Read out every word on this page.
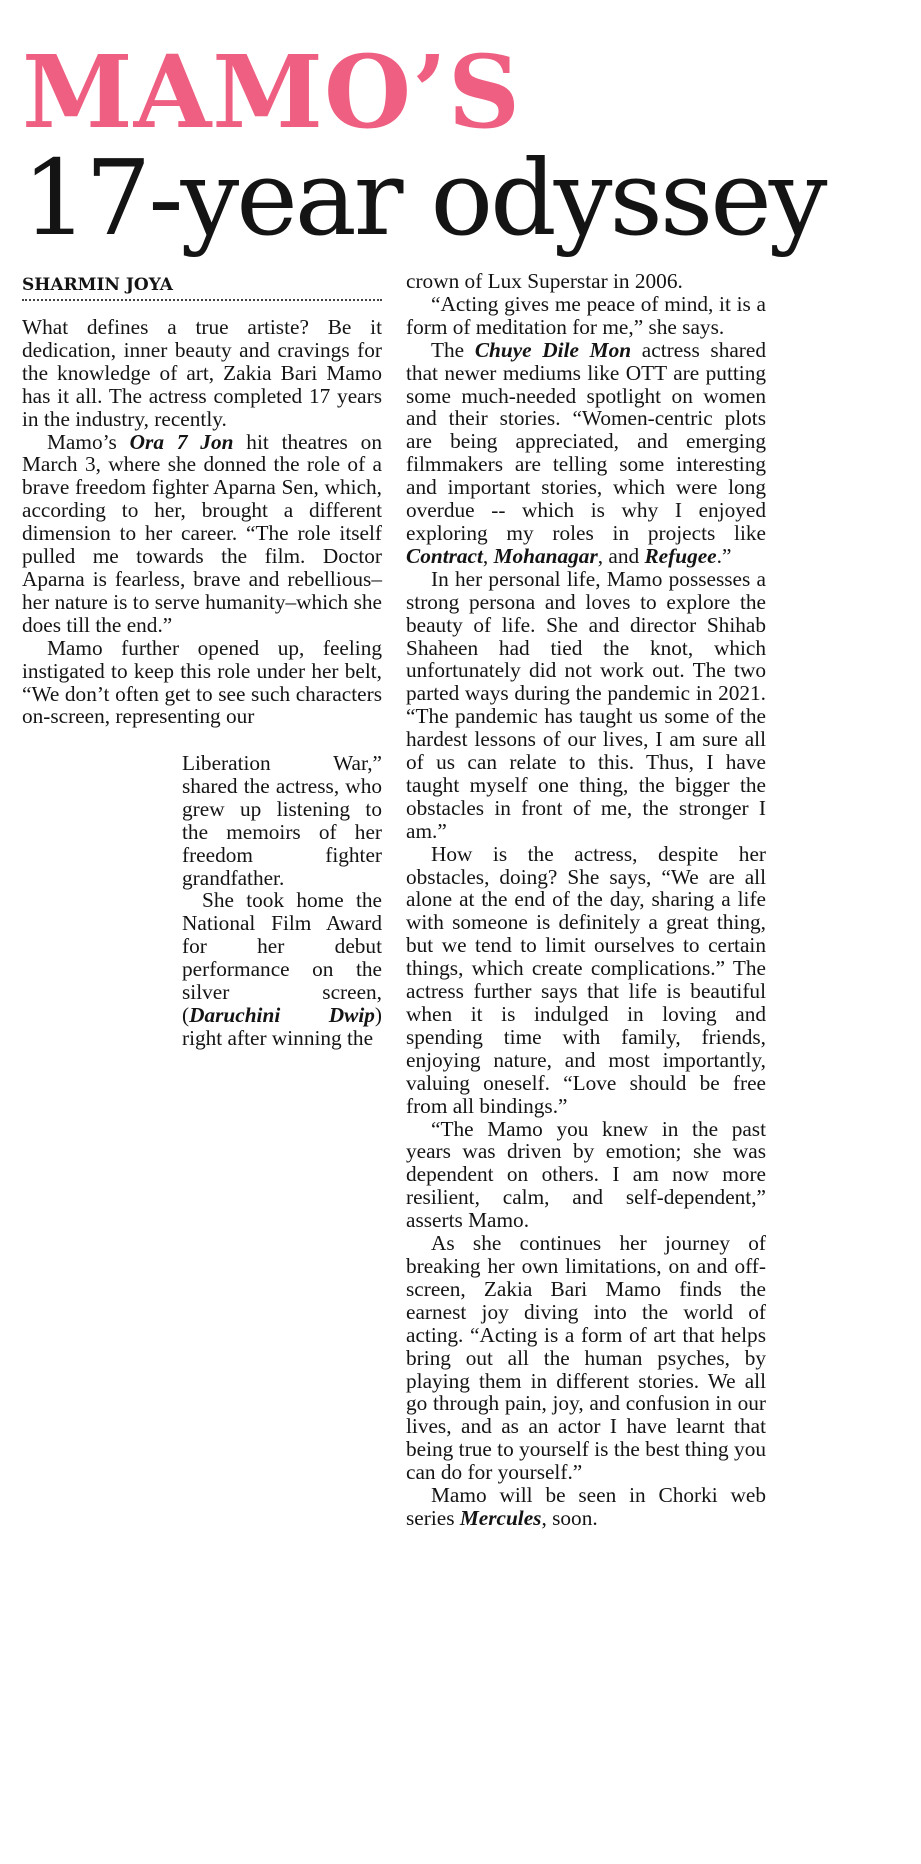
MAMO’S
17-year odyssey
SHARMIN JOYA

What defines a true artiste? Be it dedication, inner beauty and cravings for the knowledge of art, Zakia Bari Mamo has it all. The actress completed 17 years in the industry, recently.

Mamo’s Ora 7 Jon hit theatres on March 3, where she donned the role of a brave freedom fighter Aparna Sen, which, according to her, brought a different dimension to her career. “The role itself pulled me towards the film. Doctor Aparna is fearless, brave and rebellious–her nature is to serve humanity–which she does till the end.”

Mamo further opened up, feeling instigated to keep this role under her belt, “We don’t often get to see such characters on-screen, representing our

Liberation War,” shared the actress, who grew up listening to the memoirs of her freedom fighter grandfather.

She took home the National Film Award for her debut performance on the silver screen, (Daruchini Dwip) right after winning the

crown of Lux Superstar in 2006.

“Acting gives me peace of mind, it is a form of meditation for me,” she says.

The Chuye Dile Mon actress shared that newer mediums like OTT are putting some much-needed spotlight on women and their stories. “Women-centric plots are being appreciated, and emerging filmmakers are telling some interesting and important stories, which were long overdue -- which is why I enjoyed exploring my roles in projects like Contract, Mohanagar, and Refugee.”

In her personal life, Mamo possesses a strong persona and loves to explore the beauty of life. She and director Shihab Shaheen had tied the knot, which unfortunately did not work out. The two parted ways during the pandemic in 2021. “The pandemic has taught us some of the hardest lessons of our lives, I am sure all of us can relate to this. Thus, I have taught myself one thing, the bigger the obstacles in front of me, the stronger I am.”

How is the actress, despite her obstacles, doing? She says, “We are all alone at the end of the day, sharing a life with someone is definitely a great thing, but we tend to limit ourselves to certain things, which create complications.” The actress further says that life is beautiful when it is indulged in loving and spending time with family, friends, enjoying nature, and most importantly, valuing oneself. “Love should be free from all bindings.”

“The Mamo you knew in the past years was driven by emotion; she was dependent on others. I am now more resilient, calm, and self-dependent,” asserts Mamo.

As she continues her journey of breaking her own limitations, on and off-screen, Zakia Bari Mamo finds the earnest joy diving into the world of acting. “Acting is a form of art that helps bring out all the human psyches, by playing them in different stories. We all go through pain, joy, and confusion in our lives, and as an actor I have learnt that being true to yourself is the best thing you can do for yourself.”

Mamo will be seen in Chorki web series Mercules, soon.
